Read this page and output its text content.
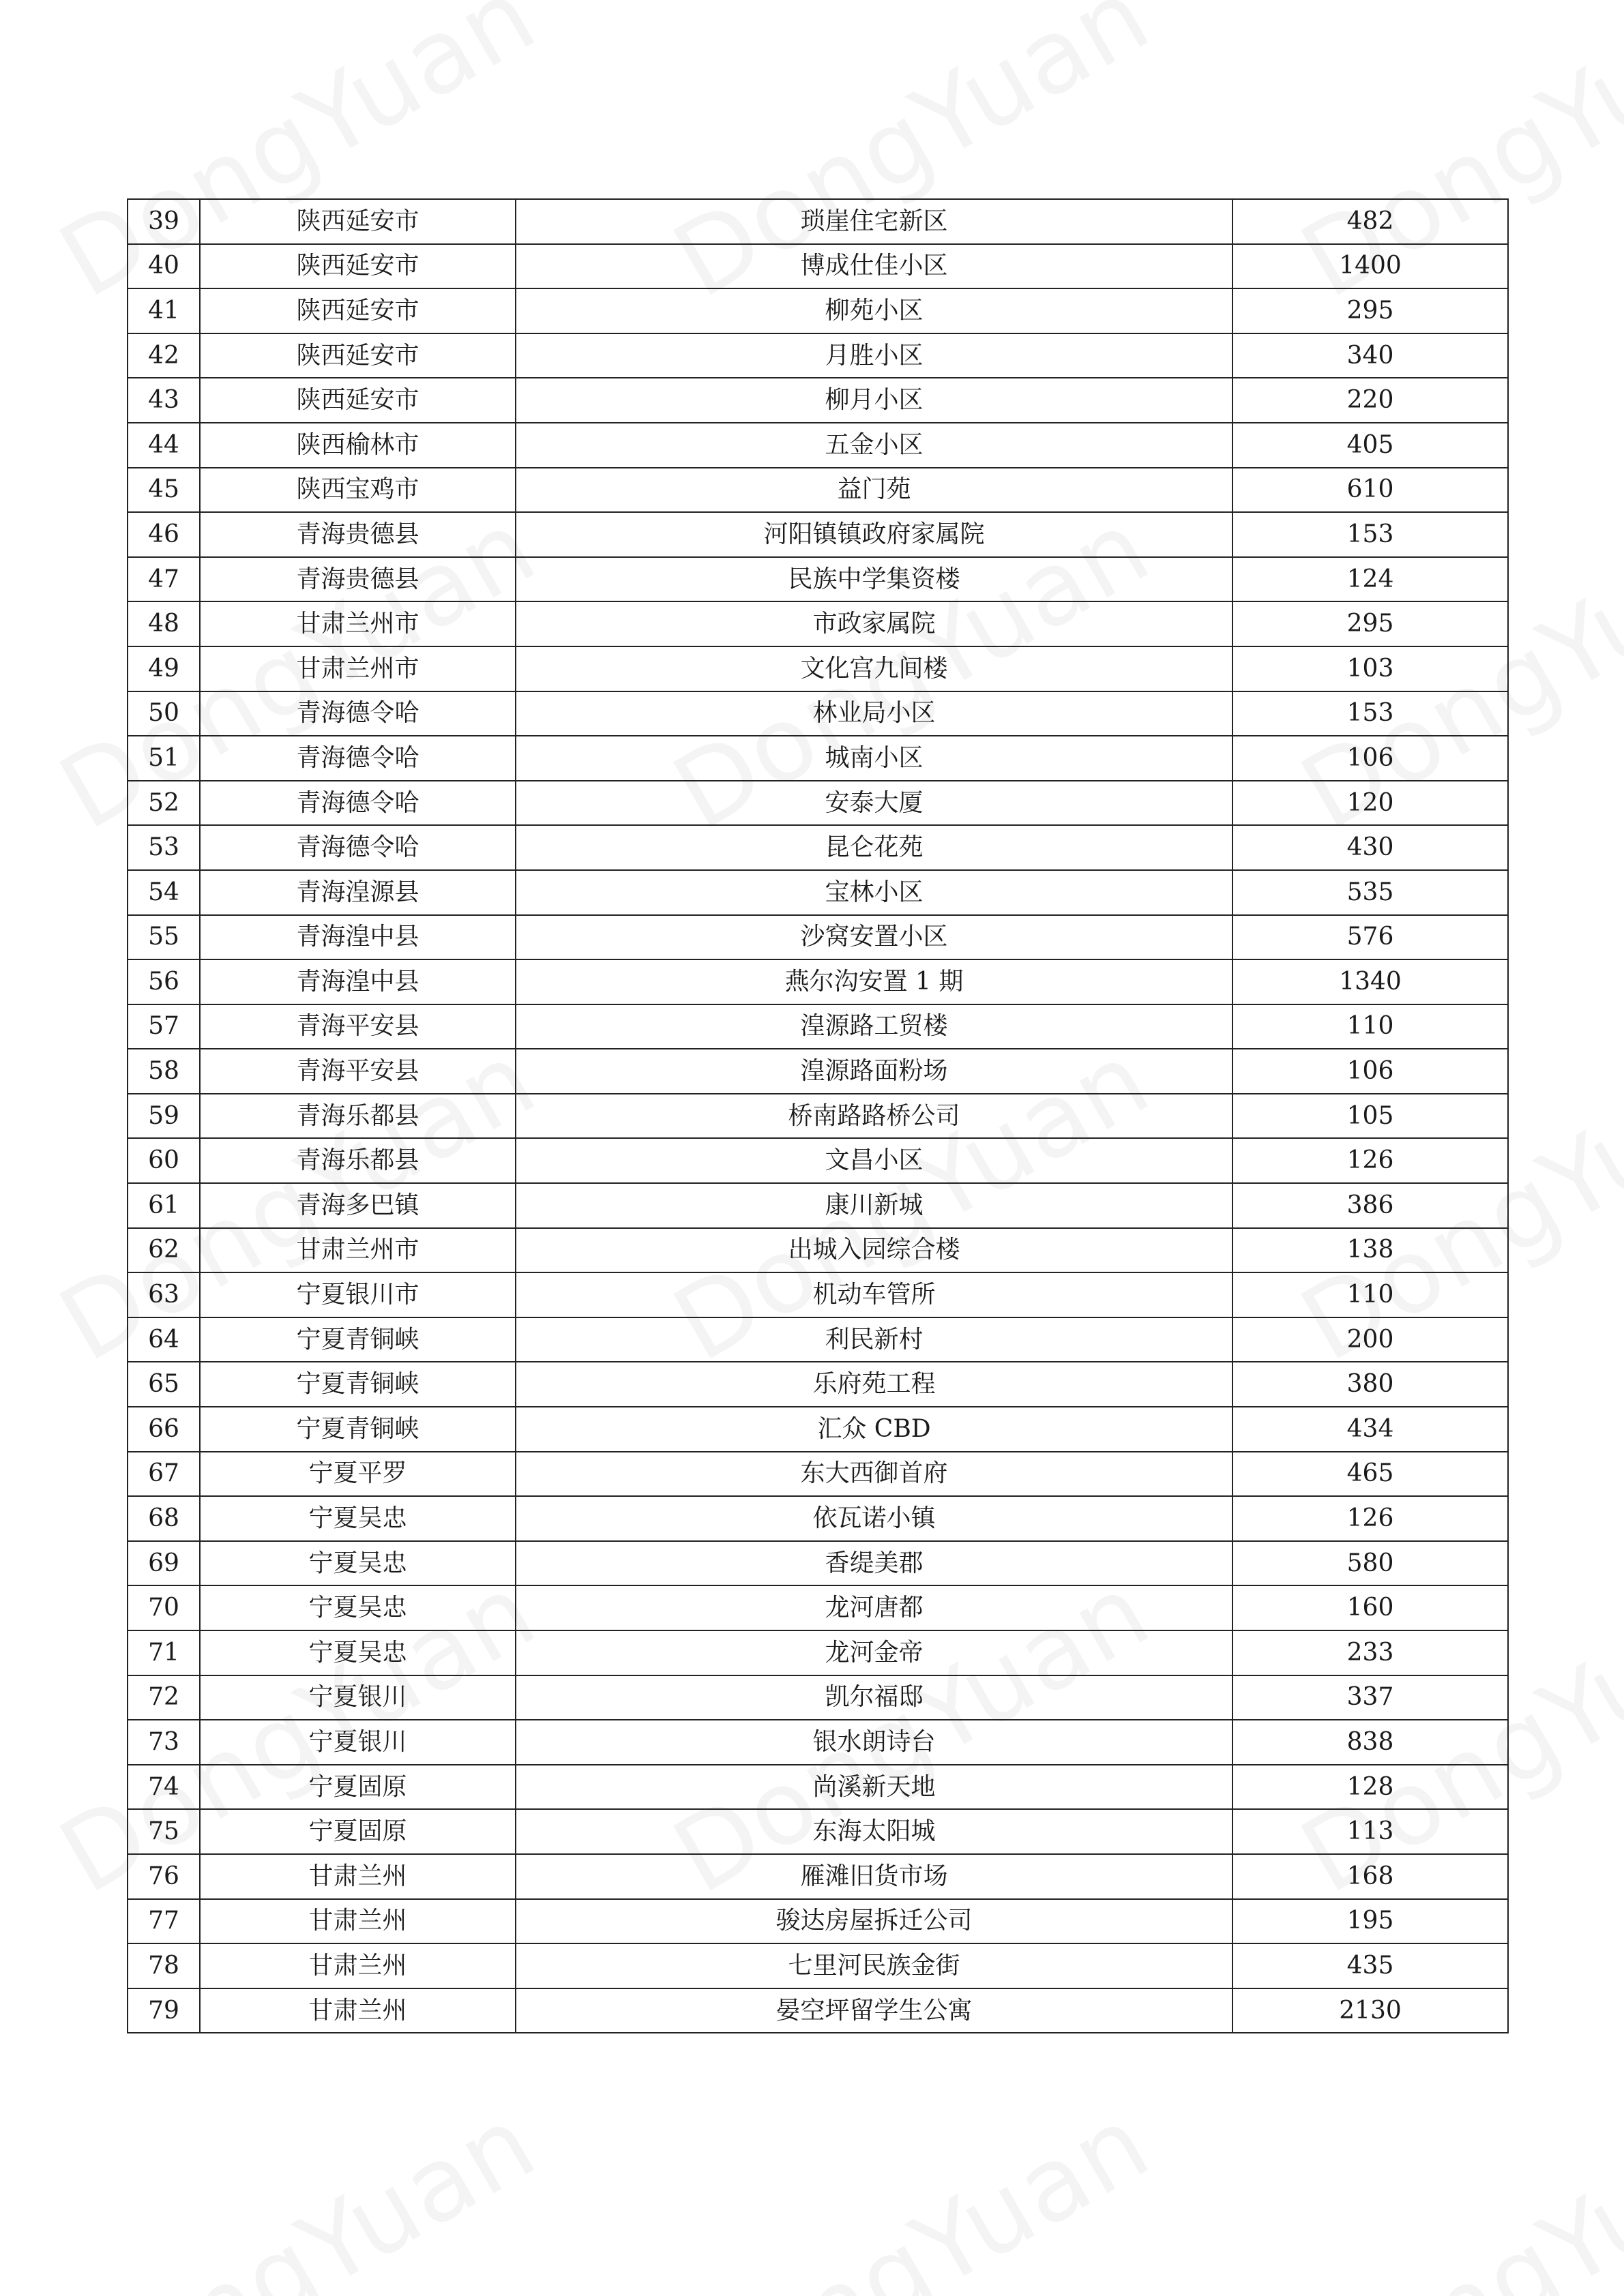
39	陕西延安市	琐崖住宅新区	482
40	陕西延安市	博成仕佳小区	1400
41	陕西延安市	柳苑小区	295
42	陕西延安市	月胜小区	340
43	陕西延安市	柳月小区	220
44	陕西榆林市	五金小区	405
45	陕西宝鸡市	益门苑	610
46	青海贵德县	河阳镇镇政府家属院	153
47	青海贵德县	民族中学集资楼	124
48	甘肃兰州市	市政家属院	295
49	甘肃兰州市	文化宫九间楼	103
50	青海德令哈	林业局小区	153
51	青海德令哈	城南小区	106
52	青海德令哈	安泰大厦	120
53	青海德令哈	昆仑花苑	430
54	青海湟源县	宝林小区	535
55	青海湟中县	沙窝安置小区	576
56	青海湟中县	燕尔沟安置 1 期	1340
57	青海平安县	湟源路工贸楼	110
58	青海平安县	湟源路面粉场	106
59	青海乐都县	桥南路路桥公司	105
60	青海乐都县	文昌小区	126
61	青海多巴镇	康川新城	386
62	甘肃兰州市	出城入园综合楼	138
63	宁夏银川市	机动车管所	110
64	宁夏青铜峡	利民新村	200
65	宁夏青铜峡	乐府苑工程	380
66	宁夏青铜峡	汇众 CBD	434
67	宁夏平罗	东大西御首府	465
68	宁夏吴忠	依瓦诺小镇	126
69	宁夏吴忠	香缇美郡	580
70	宁夏吴忠	龙河唐都	160
71	宁夏吴忠	龙河金帝	233
72	宁夏银川	凯尔福邸	337
73	宁夏银川	银水朗诗台	838
74	宁夏固原	尚溪新天地	128
75	宁夏固原	东海太阳城	113
76	甘肃兰州	雁滩旧货市场	168
77	甘肃兰州	骏达房屋拆迁公司	195
78	甘肃兰州	七里河民族金街	435
79	甘肃兰州	晏空坪留学生公寓	2130
